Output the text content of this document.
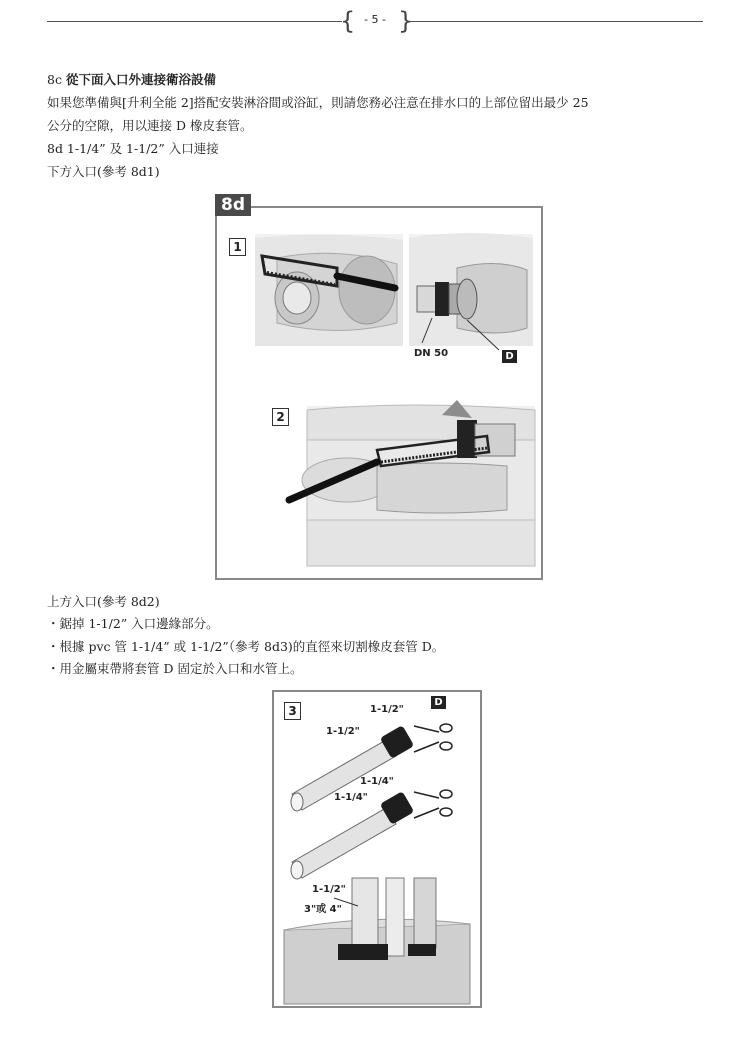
{ }
- 5 -
8c 從下面入口外連接衛浴設備
如果您準備與[升利全能 2]搭配安裝淋浴間或浴缸，則請您務必注意在排水口的上部位留出最少 25
公分的空隙，用以連接 D 橡皮套管。
8d 1-1/4” 及 1-1/2” 入口連接
下方入口(參考 8d1)
8d
1
DN 50	D
2
上方入口(參考 8d2)
・鋸掉 1-1/2” 入口邊緣部分。
・根據 pvc 管 1-1/4” 或 1-1/2”（參考 8d3)的直徑來切割橡皮套管 D。
・用金屬束帶將套管 D 固定於入口和水管上。
3
D
1-1/2"
1-1/2"
1-1/4"
1-1/4"
1-1/2"
3"或 4"
